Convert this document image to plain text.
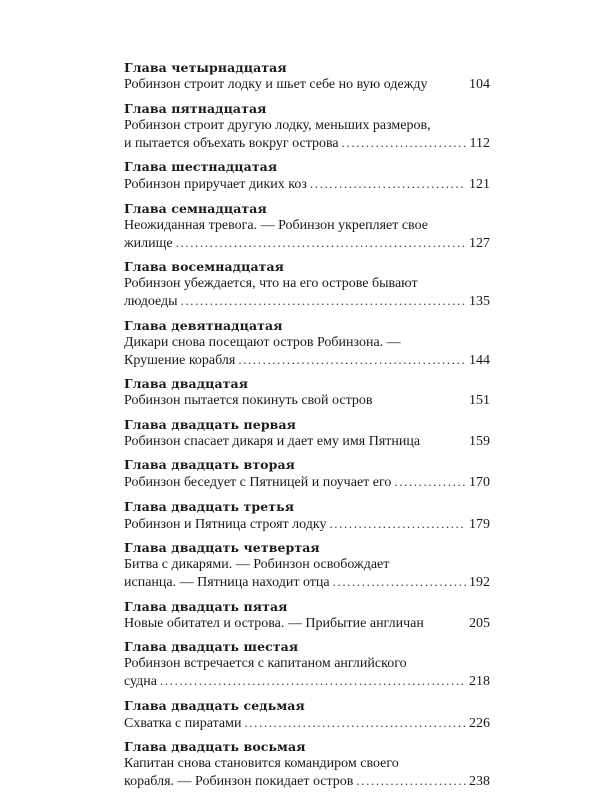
Глава четырнадцатая
Робинзон строит лодку и шьет себе но вую одежду	104
Глава пятнадцатая
Робинзон строит другую лодку, меньших размеров,
и пытается объехать вокруг острова .....	112
Глава шестнадцатая
Робинзон приручает диких коз .....	121
Глава семнадцатая
Неожиданная тревога. — Робинзон укрепляет свое
жилище .....	127
Глава восемнадцатая
Робинзон убеждается, что на его острове бывают
людоеды .....	135
Глава девятнадцатая
Дикари снова посещают остров Робинзона. —
Крушение корабля .....	144
Глава двадцатая
Робинзон пытается покинуть свой остров	151
Глава двадцать первая
Робинзон спасает дикаря и дает ему имя Пятница	159
Глава двадцать вторая
Робинзон беседует с Пятницей и поучает его .....	170
Глава двадцать третья
Робинзон и Пятница строят лодку .....	179
Глава двадцать четвертая
Битва с дикарями. — Робинзон освобождает
испанца. — Пятница находит отца .....	192
Глава двадцать пятая
Новые обитател и острова. — Прибытие англичан	205
Глава двадцать шестая
Робинзон встречается с капитаном английского
судна .....	218
Глава двадцать седьмая
Схватка с пиратами .....	226
Глава двадцать восьмая
Капитан снова становится командиром своего
корабля. — Робинзон покидает остров .....	238
